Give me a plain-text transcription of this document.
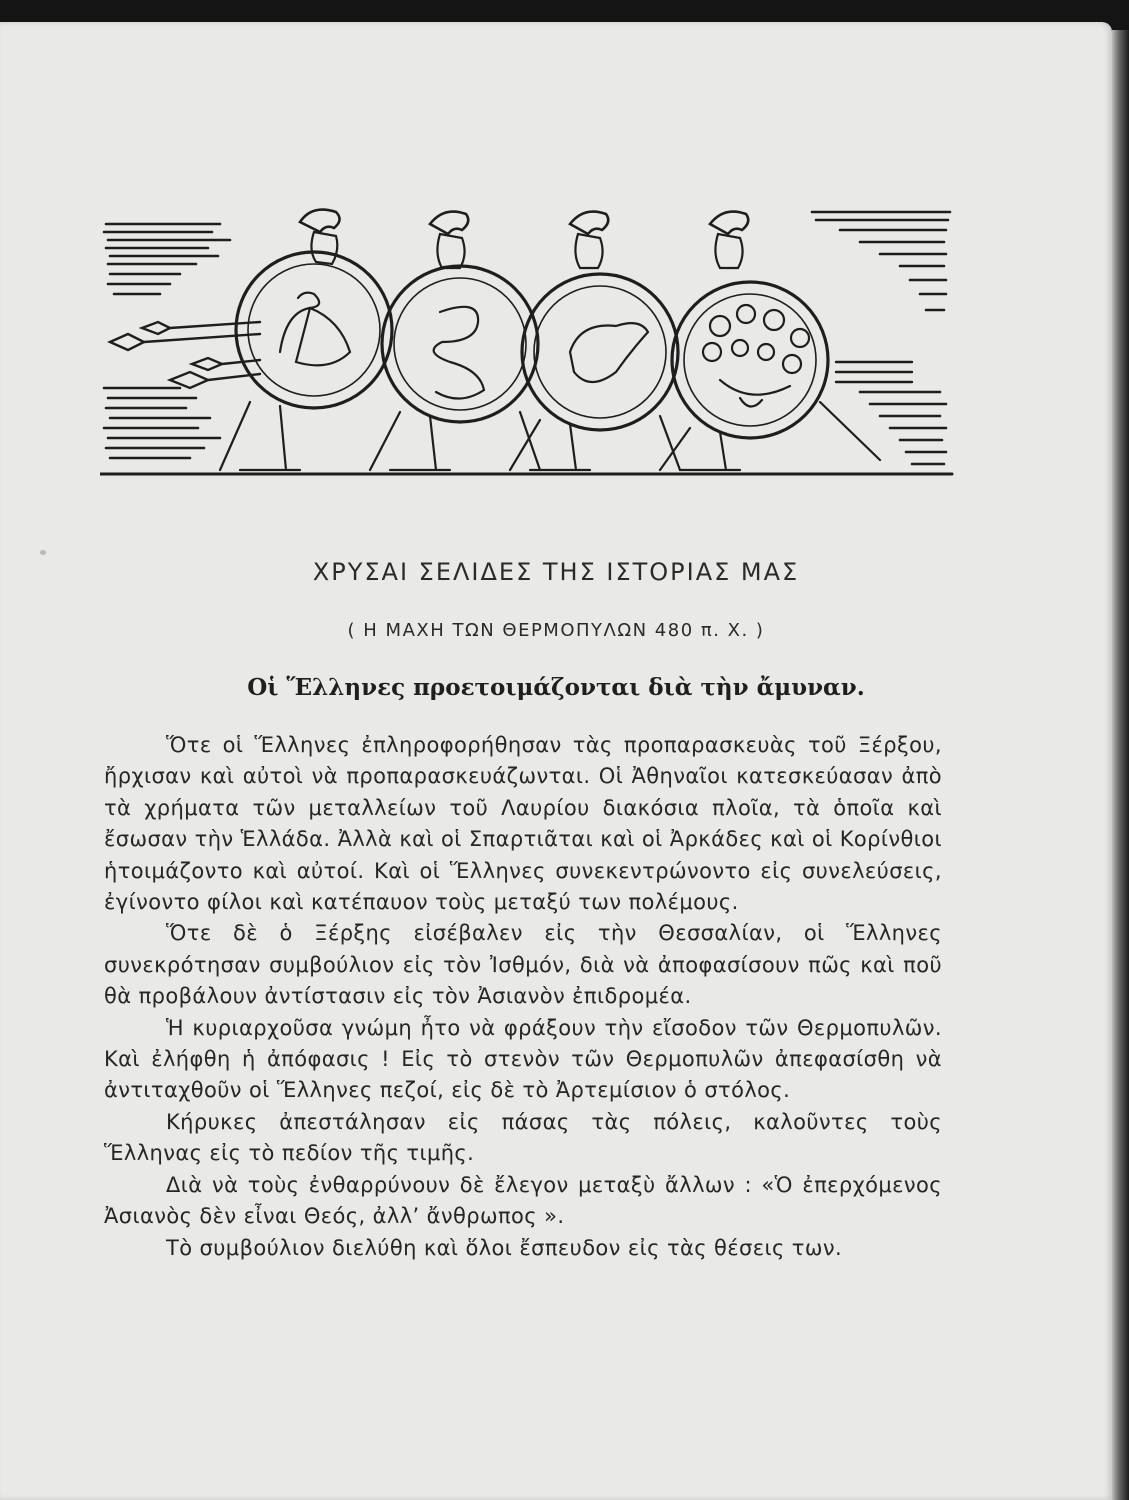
ΧΡΥΣΑΙ ΣΕΛΙΔΕΣ ΤΗΣ ΙΣΤΟΡΙΑΣ ΜΑΣ
( Η ΜΑΧΗ ΤΩΝ ΘΕΡΜΟΠΥΛΩΝ 480 π. Χ. )
Οἱ Ἕλληνες προετοιμάζονται διὰ τὴν ἄμυναν.

Ὅτε οἱ Ἕλληνες ἐπληροφορήθησαν τὰς προπαρασκευὰς τοῦ Ξέρξου, ἤρχισαν καὶ αὐτοὶ νὰ προπαρασκευάζωνται. Οἱ Ἀθηναῖοι κατεσκεύασαν ἀπὸ τὰ χρήματα τῶν μεταλλείων τοῦ Λαυρίου διακόσια πλοῖα, τὰ ὁποῖα καὶ ἔσωσαν τὴν Ἑλλάδα. Ἀλλὰ καὶ οἱ Σπαρτιᾶται καὶ οἱ Ἀρκάδες καὶ οἱ Κορίνθιοι ἡτοιμάζοντο καὶ αὐτοί. Καὶ οἱ Ἕλληνες συνεκεντρώνοντο εἰς συνελεύσεις, ἐγίνοντο φίλοι καὶ κατέπαυον τοὺς μεταξύ των πολέμους.

Ὅτε δὲ ὁ Ξέρξης εἰσέβαλεν εἰς τὴν Θεσσαλίαν, οἱ Ἕλληνες συνεκρότησαν συμβούλιον εἰς τὸν Ἰσθμόν, διὰ νὰ ἀποφασίσουν πῶς καὶ ποῦ θὰ προβάλουν ἀντίστασιν εἰς τὸν Ἀσιανὸν ἐπιδρομέα.

Ἡ κυριαρχοῦσα γνώμη ἦτο νὰ φράξουν τὴν εἴσοδον τῶν Θερμοπυλῶν. Καὶ ἐλήφθη ἡ ἀπόφασις ! Εἰς τὸ στενὸν τῶν Θερμοπυλῶν ἀπεφασίσθη νὰ ἀντιταχθοῦν οἱ Ἕλληνες πεζοί, εἰς δὲ τὸ Ἀρτεμίσιον ὁ στόλος.

Κήρυκες ἀπεστάλησαν εἰς πάσας τὰς πόλεις, καλοῦντες τοὺς Ἕλληνας εἰς τὸ πεδίον τῆς τιμῆς.

Διὰ νὰ τοὺς ἐνθαρρύνουν δὲ ἔλεγον μεταξὺ ἄλλων : «Ὁ ἐπερχόμενος Ἀσιανὸς δὲν εἶναι Θεός, ἀλλ’ ἄνθρωπος ».

Τὸ συμβούλιον διελύθη καὶ ὅλοι ἔσπευδον εἰς τὰς θέσεις των.
